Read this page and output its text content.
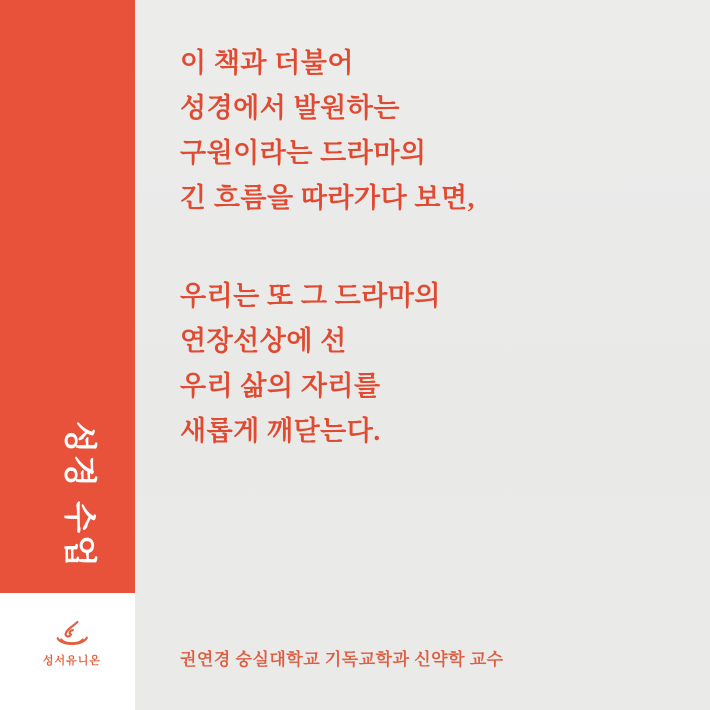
이 책과 더불어
성경에서 발원하는
구원이라는 드라마의
긴 흐름을 따라가다 보면,
우리는 또 그 드라마의
연장선상에 선
우리 삶의 자리를
새롭게 깨닫는다.
권연경 숭실대학교 기독교학과 신약학 교수
성경 수업
성서유니온
